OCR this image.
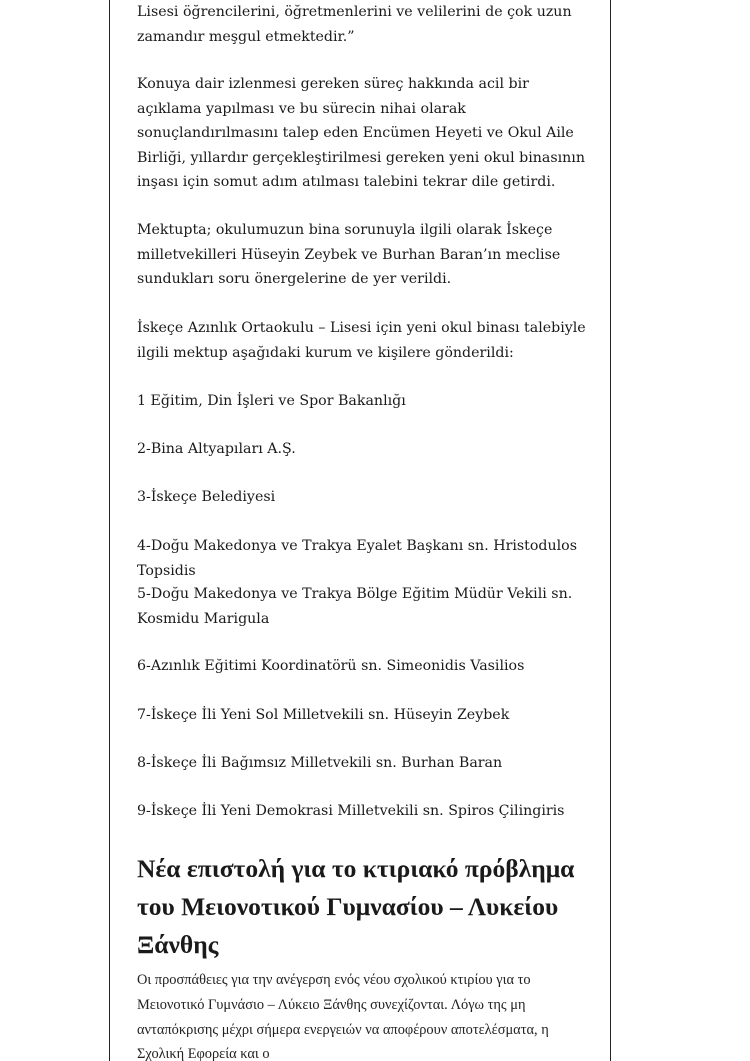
Lisesi öğrencilerini, öğretmenlerini ve velilerini de çok uzun zamandır meşgul etmektedir.”

Konuya dair izlenmesi gereken süreç hakkında acil bir açıklama yapılması ve bu sürecin nihai olarak sonuçlandırılmasını talep eden Encümen Heyeti ve Okul Aile Birliği, yıllardır gerçekleştirilmesi gereken yeni okul binasının inşası için somut adım atılması talebini tekrar dile getirdi.

Mektupta; okulumuzun bina sorunuyla ilgili olarak İskeçe milletvekilleri Hüseyin Zeybek ve Burhan Baran’ın meclise sundukları soru önergelerine de yer verildi.

İskeçe Azınlık Ortaokulu – Lisesi için yeni okul binası talebiyle ilgili mektup aşağıdaki kurum ve kişilere gönderildi:

1 Eğitim, Din İşleri ve Spor Bakanlığı

2-Bina Altyapıları A.Ş.

3-İskeçe Belediyesi

4-Doğu Makedonya ve Trakya Eyalet Başkanı sn. Hristodulos Topsidis

5-Doğu Makedonya ve Trakya Bölge Eğitim Müdür Vekili sn. Kosmidu Marigula

6-Azınlık Eğitimi Koordinatörü sn. Simeonidis Vasilios

7-İskeçe İli Yeni Sol Milletvekili sn. Hüseyin Zeybek

8-İskeçe İli Bağımsız Milletvekili sn. Burhan Baran

9-İskeçe İli Yeni Demokrasi Milletvekili sn. Spiros Çilingiris

Νέα επιστολή για το κτιριακό πρόβλημα του Μειονοτικού Γυμνασίου – Λυκείου Ξάνθης

Οι προσπάθειες για την ανέγερση ενός νέου σχολικού κτιρίου για το Μειονοτικό Γυμνάσιο – Λύκειο Ξάνθης συνεχίζονται. Λόγω της μη ανταπόκρισης μέχρι σήμερα ενεργειών να αποφέρουν αποτελέσματα, η Σχολική Εφορεία και ο
